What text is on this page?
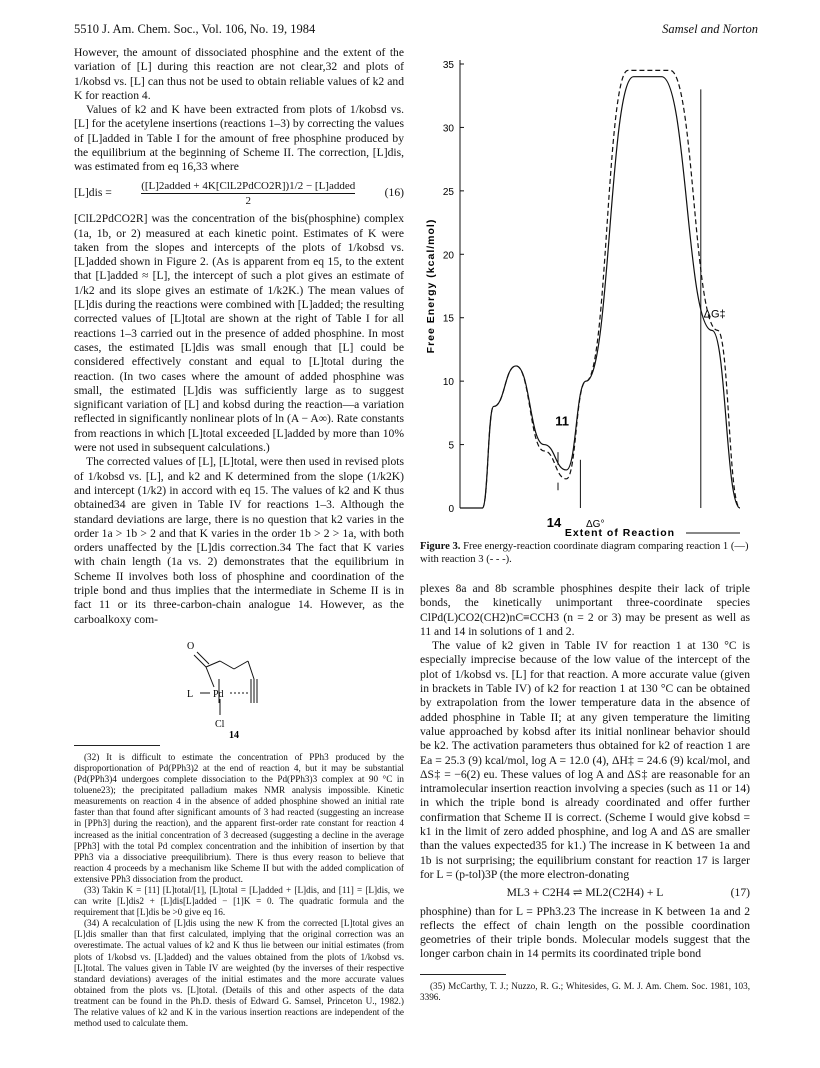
5510 J. Am. Chem. Soc., Vol. 106, No. 19, 1984	Samsel and Norton

However, the amount of dissociated phosphine and the extent of the variation of [L] during this reaction are not clear,32 and plots of 1/kobsd vs. [L] can thus not be used to obtain reliable values of k2 and K for reaction 4.

Values of k2 and K have been extracted from plots of 1/kobsd vs. [L] for the acetylene insertions (reactions 1–3) by correcting the values of [L]added in Table I for the amount of free phosphine produced by the equilibrium at the beginning of Scheme II. The correction, [L]dis, was estimated from eq 16,33 where

[L]dis =
([L]2added + 4K[ClL2PdCO2R])1/2 − [L]added
2
(16)

[ClL2PdCO2R] was the concentration of the bis(phosphine) complex (1a, 1b, or 2) measured at each kinetic point. Estimates of K were taken from the slopes and intercepts of the plots of 1/kobsd vs. [L]added shown in Figure 2. (As is apparent from eq 15, to the extent that [L]added ≈ [L], the intercept of such a plot gives an estimate of 1/k2 and its slope gives an estimate of 1/k2K.) The mean values of [L]dis during the reactions were combined with [L]added; the resulting corrected values of [L]total are shown at the right of Table I for all reactions 1–3 carried out in the presence of added phosphine. In most cases, the estimated [L]dis was small enough that [L] could be considered effectively constant and equal to [L]total during the reaction. (In two cases where the amount of added phosphine was small, the estimated [L]dis was sufficiently large as to suggest significant variation of [L] and kobsd during the reaction—a variation reflected in significantly nonlinear plots of ln (A − A∞). Rate constants from reactions in which [L]total exceeded [L]added by more than 10% were not used in subsequent calculations.)

The corrected values of [L], [L]total, were then used in revised plots of 1/kobsd vs. [L], and k2 and K determined from the slope (1/k2K) and intercept (1/k2) in accord with eq 15. The values of k2 and K thus obtained34 are given in Table IV for reactions 1–3. Although the standard deviations are large, there is no question that k2 varies in the order 1a > 1b > 2 and that K varies in the order 1b > 2 > 1a, with both orders unaffected by the [L]dis correction.34 The fact that K varies with chain length (1a vs. 2) demonstrates that the equilibrium in Scheme II involves both loss of phosphine and coordination of the triple bond and thus implies that the intermediate in Scheme II is in fact 11 or its three-carbon-chain analogue 14. However, as the carboalkoxy com-

O
L Pd
Cl
14

(32) It is difficult to estimate the concentration of PPh3 produced by the disproportionation of Pd(PPh3)2 at the end of reaction 4, but it may be substantial (Pd(PPh3)4 undergoes complete dissociation to the Pd(PPh3)3 complex at 90 °C in toluene23); the precipitated palladium makes NMR analysis impossible. Kinetic measurements on reaction 4 in the absence of added phosphine showed an initial rate faster than that found after significant amounts of 3 had reacted (suggesting an increase in [PPh3] during the reaction), and the apparent first-order rate constant for reaction 4 increased as the initial concentration of 3 decreased (suggesting a decline in the average [PPh3] with the total Pd complex concentration and the inhibition of insertion by that PPh3 via a dissociative preequilibrium). There is thus every reason to believe that reaction 4 proceeds by a mechanism like Scheme II but with the added complication of extensive PPh3 dissociation from the product.

(33) Takin K = [11] [L]total/[1], [L]total = [L]added + [L]dis, and [11] = [L]dis, we can write [L]dis2 + [L]dis[L]added − [1]K = 0. The quadratic formula and the requirement that [L]dis be >0 give eq 16.

(34) A recalculation of [L]dis using the new K from the corrected [L]total gives an [L]dis smaller than that first calculated, implying that the original correction was an overestimate. The actual values of k2 and K thus lie between our initial estimates (from plots of 1/kobsd vs. [L]added) and the values obtained from the plots of 1/kobsd vs. [L]total. The values given in Table IV are weighted (by the inverses of their respective standard deviations) averages of the initial estimates and the more accurate values obtained from the plots vs. [L]total. (Details of this and other aspects of the data treatment can be found in the Ph.D. thesis of Edward G. Samsel, Princeton U., 1982.) The relative values of k2 and K in the various insertion reactions are independent of the method used to calculate them.

0
5
10
15
20
25
30
35
Free Energy (kcal/mol)
Extent of Reaction
11
14 ΔG°
ΔG‡

Figure 3. Free energy-reaction coordinate diagram comparing reaction 1 (—) with reaction 3 (- - -).

plexes 8a and 8b scramble phosphines despite their lack of triple bonds, the kinetically unimportant three-coordinate species ClPd(L)CO2(CH2)nC≡CCH3 (n = 2 or 3) may be present as well as 11 and 14 in solutions of 1 and 2.

The value of k2 given in Table IV for reaction 1 at 130 °C is especially imprecise because of the low value of the intercept of the plot of 1/kobsd vs. [L] for that reaction. A more accurate value (given in brackets in Table IV) of k2 for reaction 1 at 130 °C can be obtained by extrapolation from the lower temperature data in the absence of added phosphine in Table II; at any given temperature the limiting value approached by kobsd after its initial nonlinear behavior should be k2. The activation parameters thus obtained for k2 of reaction 1 are Ea = 25.3 (9) kcal/mol, log A = 12.0 (4), ΔH‡ = 24.6 (9) kcal/mol, and ΔS‡ = −6(2) eu. These values of log A and ΔS‡ are reasonable for an intramolecular insertion reaction involving a species (such as 11 or 14) in which the triple bond is already coordinated and offer further confirmation that Scheme II is correct. (Scheme I would give kobsd = k1 in the limit of zero added phosphine, and log A and ΔS are smaller than the values expected35 for k1.) The increase in K between 1a and 1b is not surprising; the equilibrium constant for reaction 17 is larger for L = (p-tol)3P (the more electron-donating

ML3 + C2H4 ⇌ ML2(C2H4) + L	(17)

phosphine) than for L = PPh3.23 The increase in K between 1a and 2 reflects the effect of chain length on the possible coordination geometries of their triple bonds. Molecular models suggest that the longer carbon chain in 14 permits its coordinated triple bond

(35) McCarthy, T. J.; Nuzzo, R. G.; Whitesides, G. M. J. Am. Chem. Soc. 1981, 103, 3396.
